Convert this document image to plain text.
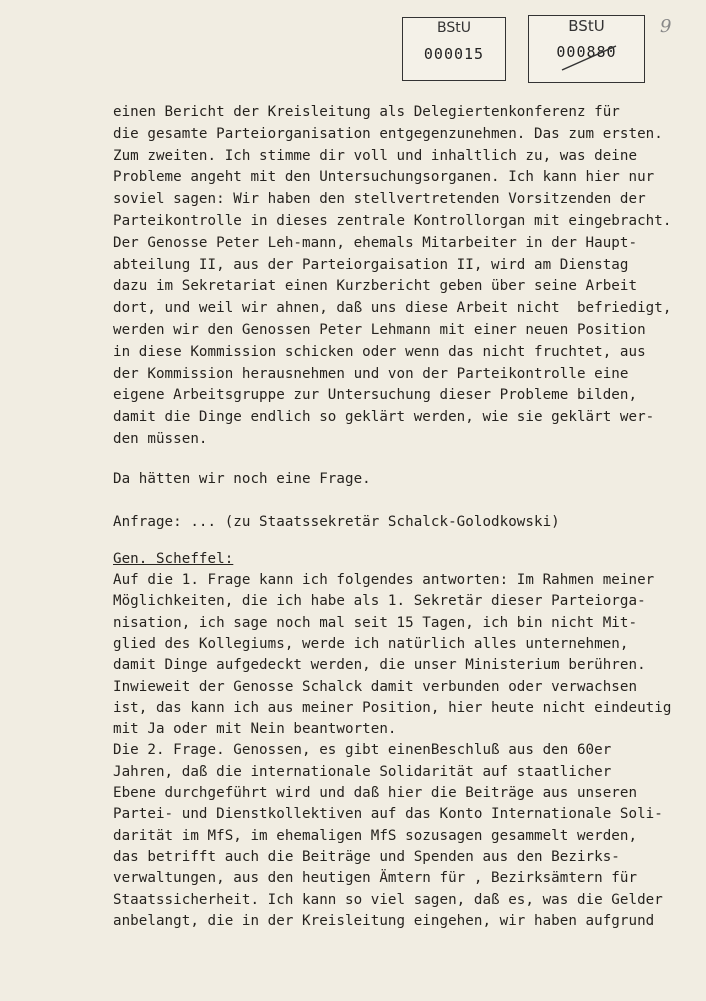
BStU
000015
BStU
000880
9
einen Bericht der Kreisleitung als Delegiertenkonferenz für
die gesamte Parteiorganisation entgegenzunehmen. Das zum ersten.
Zum zweiten. Ich stimme dir voll und inhaltlich zu, was deine
Probleme angeht mit den Untersuchungsorganen. Ich kann hier nur
soviel sagen: Wir haben den stellvertretenden Vorsitzenden der
Parteikontrolle in dieses zentrale Kontrollorgan mit eingebracht.
Der Genosse Peter Leh-mann, ehemals Mitarbeiter in der Haupt-
abteilung II, aus der Parteiorgaisation II, wird am Dienstag
dazu im Sekretariat einen Kurzbericht geben über seine Arbeit
dort, und weil wir ahnen, daß uns diese Arbeit nicht  befriedigt,
werden wir den Genossen Peter Lehmann mit einer neuen Position
in diese Kommission schicken oder wenn das nicht fruchtet, aus
der Kommission herausnehmen und von der Parteikontrolle eine
eigene Arbeitsgruppe zur Untersuchung dieser Probleme bilden,
damit die Dinge endlich so geklärt werden, wie sie geklärt wer-
den müssen.
Da hätten wir noch eine Frage.
Anfrage: ... (zu Staatssekretär Schalck-Golodkowski)
Gen. Scheffel:
Auf die 1. Frage kann ich folgendes antworten: Im Rahmen meiner
Möglichkeiten, die ich habe als 1. Sekretär dieser Parteiorga-
nisation, ich sage noch mal seit 15 Tagen, ich bin nicht Mit-
glied des Kollegiums, werde ich natürlich alles unternehmen,
damit Dinge aufgedeckt werden, die unser Ministerium berühren.
Inwieweit der Genosse Schalck damit verbunden oder verwachsen
ist, das kann ich aus meiner Position, hier heute nicht eindeutig
mit Ja oder mit Nein beantworten.
Die 2. Frage. Genossen, es gibt einenBeschluß aus den 60er
Jahren, daß die internationale Solidarität auf staatlicher
Ebene durchgeführt wird und daß hier die Beiträge aus unseren
Partei- und Dienstkollektiven auf das Konto Internationale Soli-
darität im MfS, im ehemaligen MfS sozusagen gesammelt werden,
das betrifft auch die Beiträge und Spenden aus den Bezirks-
verwaltungen, aus den heutigen Ämtern für , Bezirksämtern für
Staatssicherheit. Ich kann so viel sagen, daß es, was die Gelder
anbelangt, die in der Kreisleitung eingehen, wir haben aufgrund
